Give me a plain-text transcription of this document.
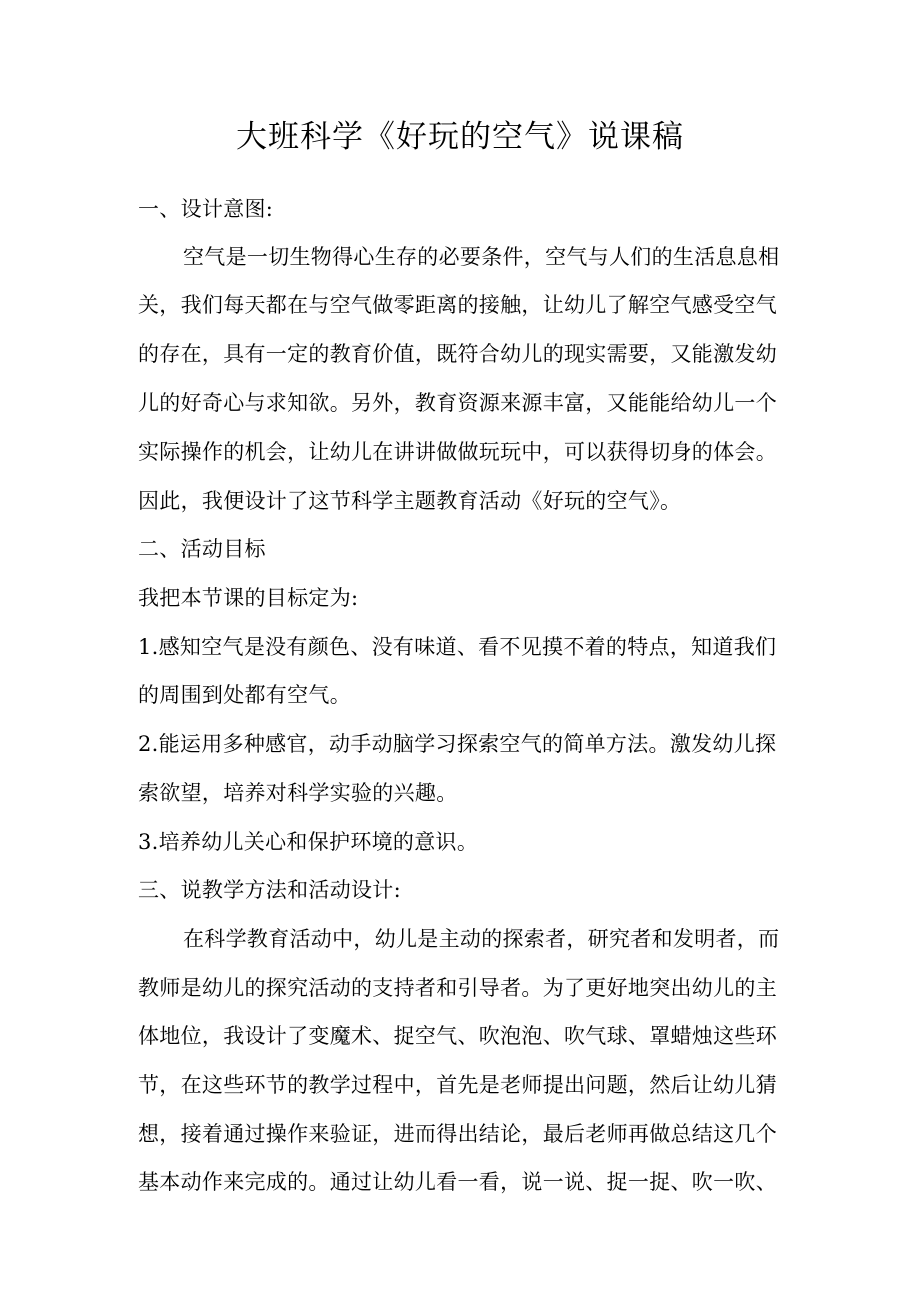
大班科学《好玩的空气》说课稿
一、设计意图:
空气是一切生物得心生存的必要条件，空气与人们的生活息息相
关，我们每天都在与空气做零距离的接触，让幼儿了解空气感受空气
的存在，具有一定的教育价值，既符合幼儿的现实需要，又能激发幼
儿的好奇心与求知欲。另外，教育资源来源丰富，又能能给幼儿一个
实际操作的机会，让幼儿在讲讲做做玩玩中，可以获得切身的体会。
因此，我便设计了这节科学主题教育活动《好玩的空气》。
二、活动目标
我把本节课的目标定为:
1.感知空气是没有颜色、没有味道、看不见摸不着的特点，知道我们
的周围到处都有空气。
2.能运用多种感官，动手动脑学习探索空气的简单方法。激发幼儿探
索欲望，培养对科学实验的兴趣。
3.培养幼儿关心和保护环境的意识。
三、说教学方法和活动设计:
在科学教育活动中，幼儿是主动的探索者，研究者和发明者，而
教师是幼儿的探究活动的支持者和引导者。为了更好地突出幼儿的主
体地位，我设计了变魔术、捉空气、吹泡泡、吹气球、罩蜡烛这些环
节，在这些环节的教学过程中，首先是老师提出问题，然后让幼儿猜
想，接着通过操作来验证，进而得出结论，最后老师再做总结这几个
基本动作来完成的。通过让幼儿看一看，说一说、捉一捉、吹一吹、
